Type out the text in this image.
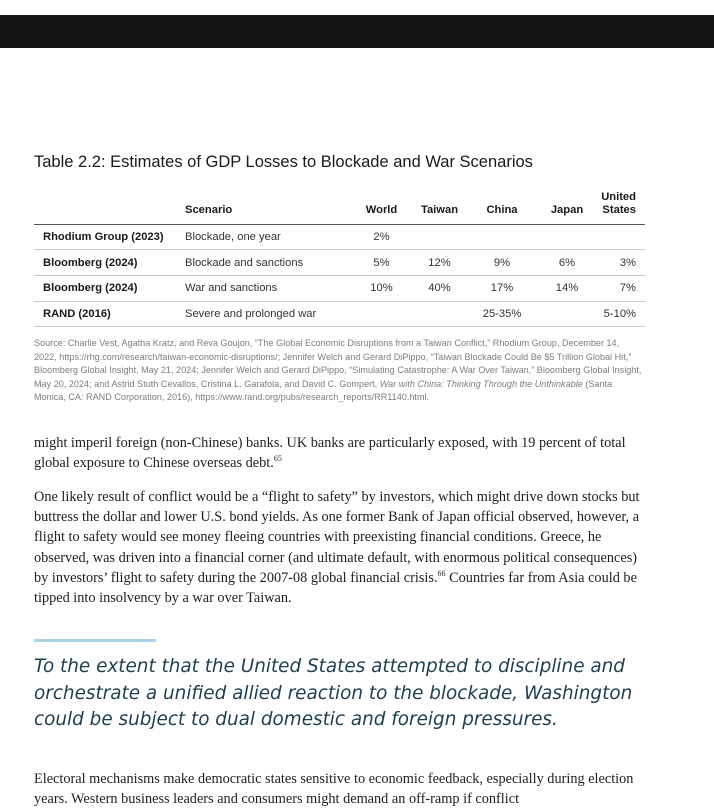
Table 2.2: Estimates of GDP Losses to Blockade and War Scenarios
	Scenario	World	Taiwan	China	Japan	United States
Rhodium Group (2023)	Blockade, one year	2%				
Bloomberg (2024)	Blockade and sanctions	5%	12%	9%	6%	3%
Bloomberg (2024)	War and sanctions	10%	40%	17%	14%	7%
RAND (2016)	Severe and prolonged war			25-35%		5-10%

Source: Charlie Vest, Agatha Kratz, and Reva Goujon, “The Global Economic Disruptions from a Taiwan Conflict,” Rhodium Group, December 14, 2022, https://rhg.com/research/taiwan-economic-disruptions/; Jennifer Welch and Gerard DiPippo, “Taiwan Blockade Could Be $5 Trillion Global Hit,” Bloomberg Global Insight, May 21, 2024; Jennifer Welch and Gerard DiPippo, “Simulating Catastrophe: A War Over Taiwan,” Bloomberg Global Insight, May 20, 2024; and Astrid Stuth Cevallos, Cristina L. Garafola, and David C. Gompert, War with China: Thinking Through the Unthinkable (Santa Monica, CA: RAND Corporation, 2016), https://www.rand.org/pubs/research_reports/RR1140.html.

might imperil foreign (non-Chinese) banks. UK banks are particularly exposed, with 19 percent of total global exposure to Chinese overseas debt.$^{65}$

One likely result of conflict would be a “flight to safety” by investors, which might drive down stocks but buttress the dollar and lower U.S. bond yields. As one former Bank of Japan official observed, however, a flight to safety would see money fleeing countries with preexisting financial conditions. Greece, he observed, was driven into a financial corner (and ultimate default, with enormous political consequences) by investors’ flight to safety during the 2007-08 global financial crisis.$^{66}$ Countries far from Asia could be tipped into insolvency by a war over Taiwan.

To the extent that the United States attempted to discipline and orchestrate a unified allied reaction to the blockade, Washington could be subject to dual domestic and foreign pressures.

Electoral mechanisms make democratic states sensitive to economic feedback, especially during election years. Western business leaders and consumers might demand an off-ramp if conflict
